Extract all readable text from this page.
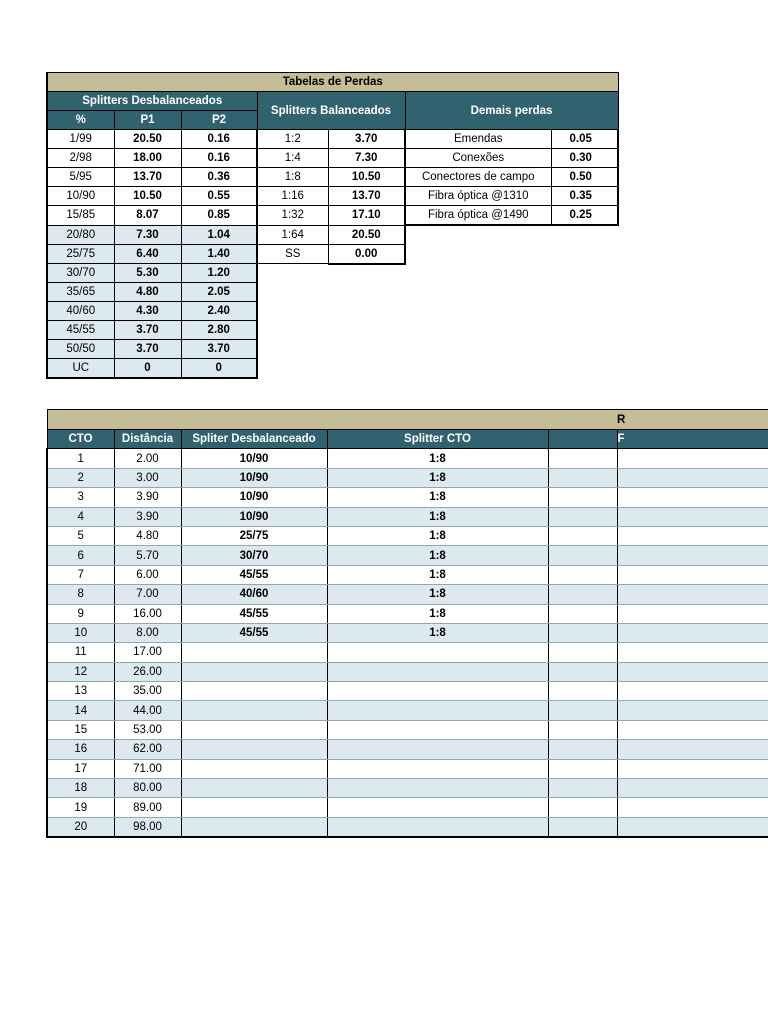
Tabelas de Perdas						
Splitters Desbalanceados			Splitters Balanceados		Demais perdas	
%	P1	P2				
1/99	20.50	0.16	1:2	3.70	Emendas	0.05
2/98	18.00	0.16	1:4	7.30	Conexões	0.30
5/95	13.70	0.36	1:8	10.50	Conectores de campo	0.50
10/90	10.50	0.55	1:16	13.70	Fibra óptica @1310	0.35
15/85	8.07	0.85	1:32	17.10	Fibra óptica @1490	0.25
20/80	7.30	1.04	1:64	20.50		
25/75	6.40	1.40	SS	0.00		
30/70	5.30	1.20				
35/65	4.80	2.05				
40/60	4.30	2.40				
45/55	3.70	2.80				
50/50	3.70	3.70				
UC	0	0				
					R
CTO	Distância	Spliter Desbalanceado	Splitter CTO		F
1	2.00	10/90	1:8		
2	3.00	10/90	1:8		
3	3.90	10/90	1:8		
4	3.90	10/90	1:8		
5	4.80	25/75	1:8		
6	5.70	30/70	1:8		
7	6.00	45/55	1:8		
8	7.00	40/60	1:8		
9	16.00	45/55	1:8		
10	8.00	45/55	1:8		
11	17.00				
12	26.00				
13	35.00				
14	44.00				
15	53.00				
16	62.00				
17	71.00				
18	80.00				
19	89.00				
20	98.00				
